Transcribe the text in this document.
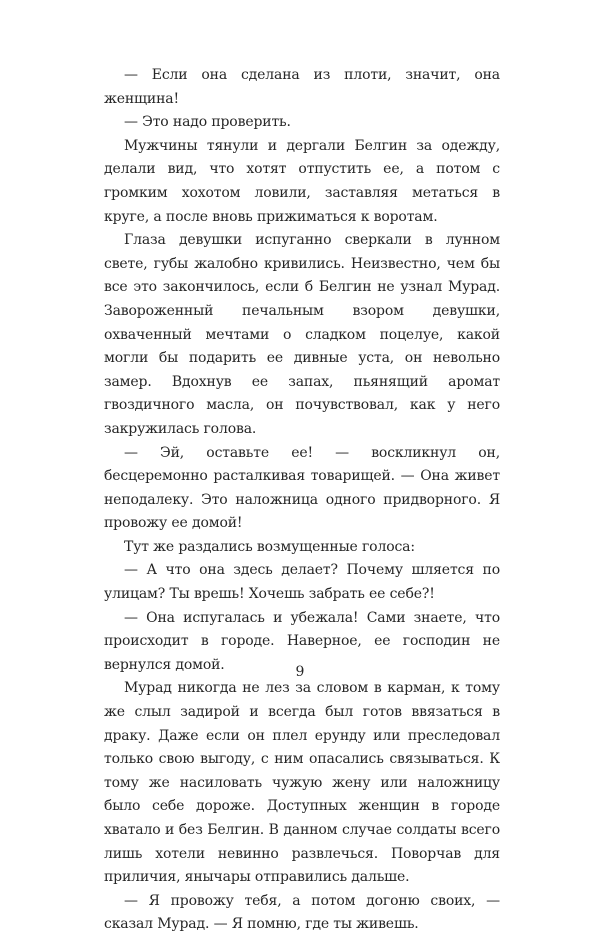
— Если она сделана из плоти, значит, она женщина!

— Это надо проверить.

Мужчины тянули и дергали Белгин за одежду, делали вид, что хотят отпустить ее, а потом с громким хохотом ловили, заставляя метаться в круге, а после вновь прижиматься к воротам.

Глаза девушки испуганно сверкали в лунном свете, губы жалобно кривились. Неизвестно, чем бы все это закончилось, если б Белгин не узнал Мурад. Завороженный печальным взором девушки, охваченный мечтами о сладком поцелуе, какой могли бы подарить ее дивные уста, он невольно замер. Вдохнув ее запах, пьянящий аромат гвоздичного масла, он почувствовал, как у него закружилась голова.

— Эй, оставьте ее! — воскликнул он, бесцеремонно расталкивая товарищей. — Она живет неподалеку. Это наложница одного придворного. Я провожу ее домой!

Тут же раздались возмущенные голоса:

— А что она здесь делает? Почему шляется по улицам? Ты врешь! Хочешь забрать ее себе?!

— Она испугалась и убежала! Сами знаете, что происходит в городе. Наверное, ее господин не вернулся домой.

Мурад никогда не лез за словом в карман, к тому же слыл задирой и всегда был готов ввязаться в драку. Даже если он плел ерунду или преследовал только свою выгоду, с ним опасались связываться. К тому же насиловать чужую жену или наложницу было себе дороже. Доступных женщин в городе хватало и без Белгин. В данном случае солдаты всего лишь хотели невинно развлечься. Поворчав для приличия, янычары отправились дальше.

— Я провожу тебя, а потом догоню своих, — сказал Мурад. — Я помню, где ты живешь.

9
